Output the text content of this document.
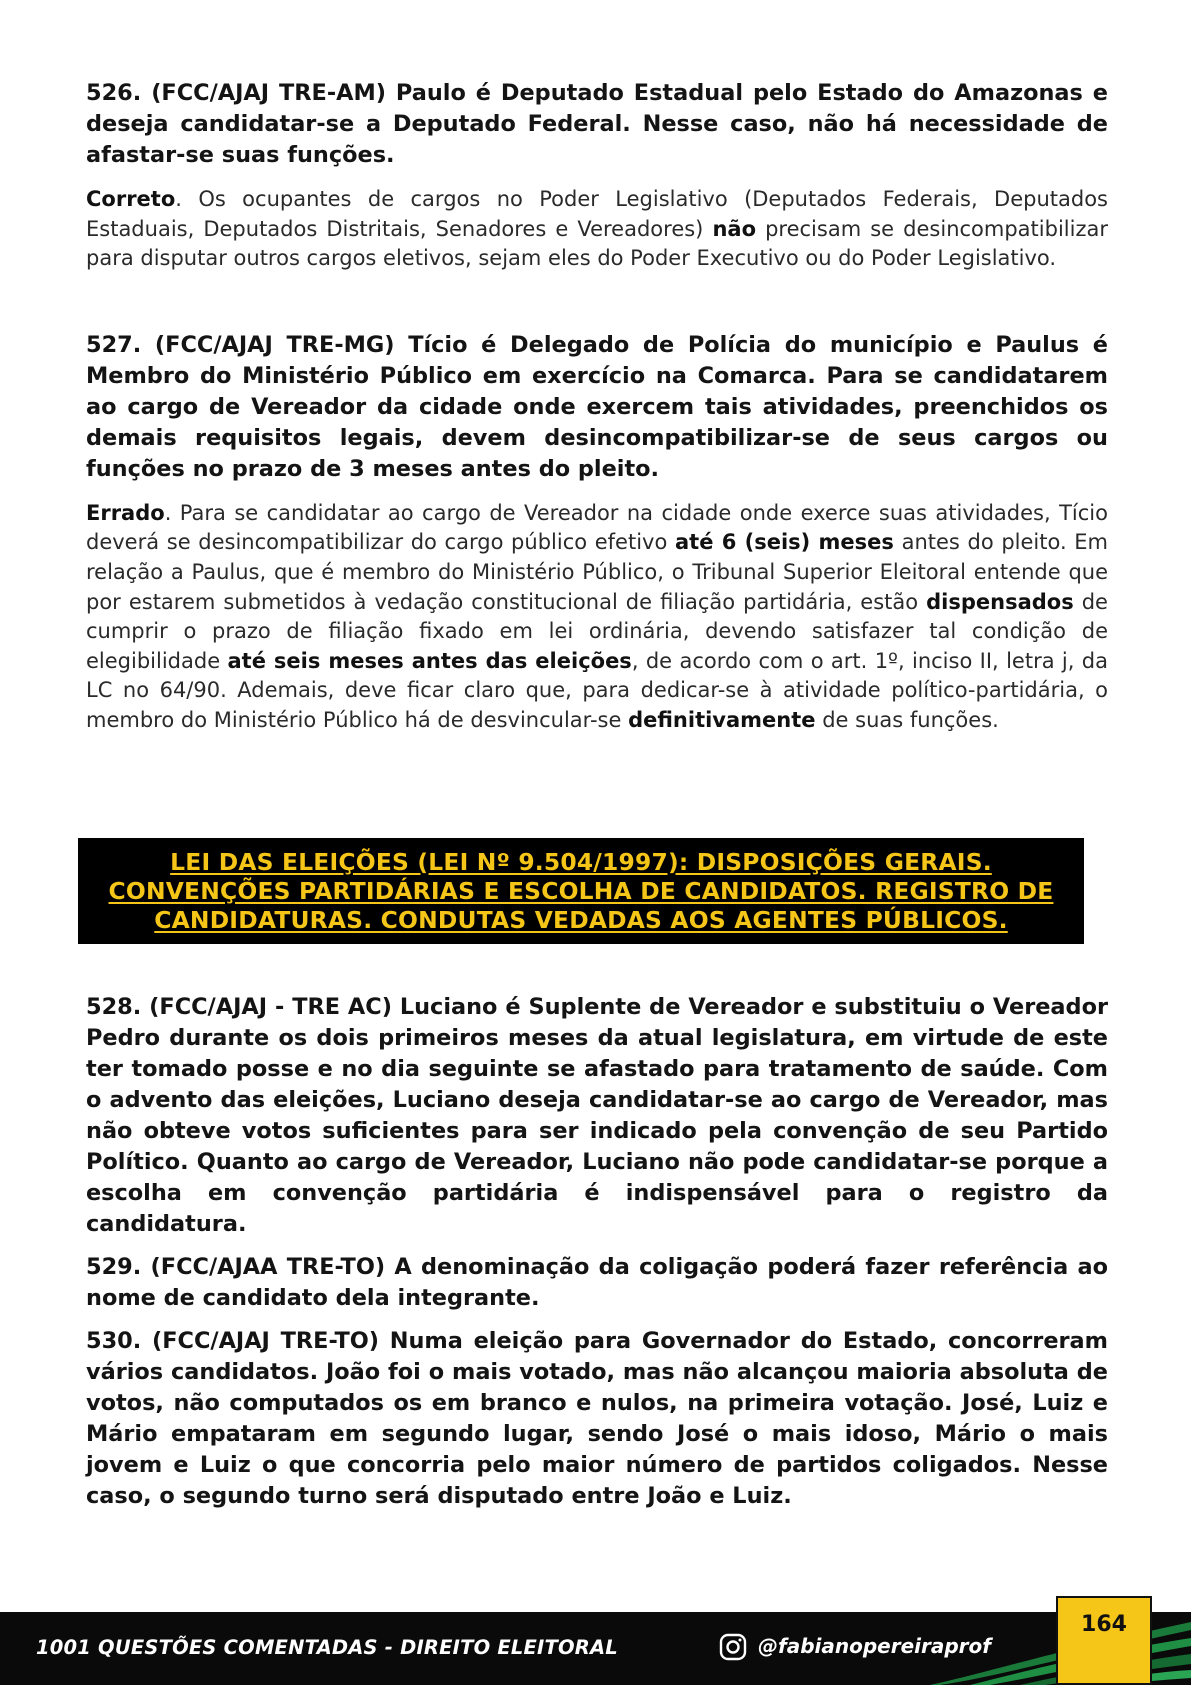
526. (FCC/AJAJ TRE-AM) Paulo é Deputado Estadual pelo Estado do Amazonas e deseja candidatar-se a Deputado Federal. Nesse caso, não há necessidade de afastar-se suas funções.

Correto. Os ocupantes de cargos no Poder Legislativo (Deputados Federais, Deputados Estaduais, Deputados Distritais, Senadores e Vereadores) não precisam se desincompatibilizar para disputar outros cargos eletivos, sejam eles do Poder Executivo ou do Poder Legislativo.

527. (FCC/AJAJ TRE-MG) Tício é Delegado de Polícia do município e Paulus é Membro do Ministério Público em exercício na Comarca. Para se candidatarem ao cargo de Vereador da cidade onde exercem tais atividades, preenchidos os demais requisitos legais, devem desincompatibilizar-se de seus cargos ou funções no prazo de 3 meses antes do pleito.

Errado. Para se candidatar ao cargo de Vereador na cidade onde exerce suas atividades, Tício deverá se desincompatibilizar do cargo público efetivo até 6 (seis) meses antes do pleito. Em relação a Paulus, que é membro do Ministério Público, o Tribunal Superior Eleitoral entende que por estarem submetidos à vedação constitucional de filiação partidária, estão dispensados de cumprir o prazo de filiação fixado em lei ordinária, devendo satisfazer tal condição de elegibilidade até seis meses antes das eleições, de acordo com o art. 1º, inciso II, letra j, da LC no 64/90. Ademais, deve ficar claro que, para dedicar-se à atividade político-partidária, o membro do Ministério Público há de desvincular-se definitivamente de suas funções.

LEI DAS ELEIÇÕES (LEI Nº 9.504/1997): DISPOSIÇÕES GERAIS.
CONVENÇÕES PARTIDÁRIAS E ESCOLHA DE CANDIDATOS. REGISTRO DE
CANDIDATURAS. CONDUTAS VEDADAS AOS AGENTES PÚBLICOS.

528. (FCC/AJAJ - TRE AC) Luciano é Suplente de Vereador e substituiu o Vereador Pedro durante os dois primeiros meses da atual legislatura, em virtude de este ter tomado posse e no dia seguinte se afastado para tratamento de saúde. Com o advento das eleições, Luciano deseja candidatar-se ao cargo de Vereador, mas não obteve votos suficientes para ser indicado pela convenção de seu Partido Político. Quanto ao cargo de Vereador, Luciano não pode candidatar-se porque a escolha em convenção partidária é indispensável para o registro da candidatura.

529. (FCC/AJAA TRE-TO) A denominação da coligação poderá fazer referência ao nome de candidato dela integrante.

530. (FCC/AJAJ TRE-TO) Numa eleição para Governador do Estado, concorreram vários candidatos. João foi o mais votado, mas não alcançou maioria absoluta de votos, não computados os em branco e nulos, na primeira votação. José, Luiz e Mário empataram em segundo lugar, sendo José o mais idoso, Mário o mais jovem e Luiz o que concorria pelo maior número de partidos coligados. Nesse caso, o segundo turno será disputado entre João e Luiz.

1001 QUESTÕES COMENTADAS - DIREITO ELEITORAL	@fabianopereiraprof
164
